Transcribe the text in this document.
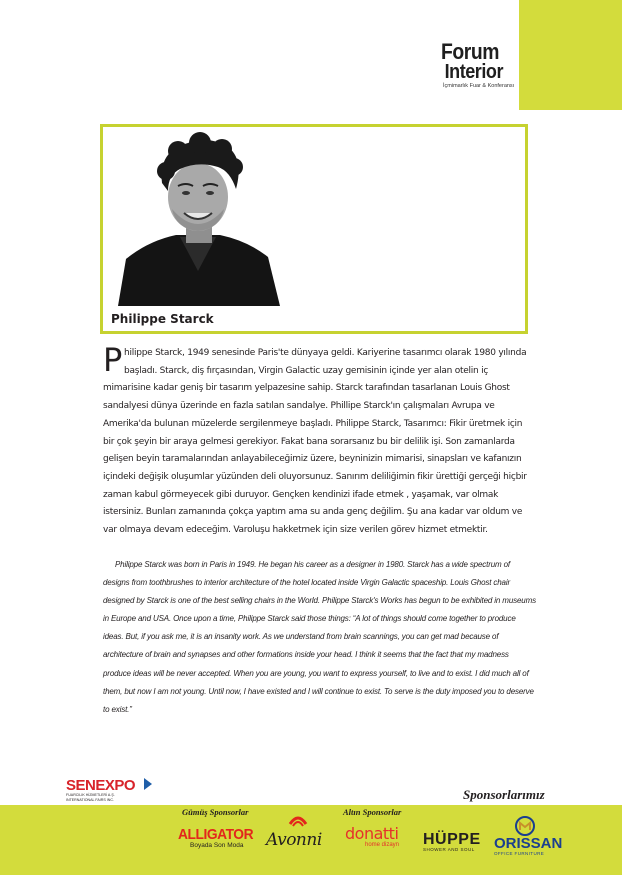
Forum
Interior
İçmimarlık Fuar & Konferansı
Philippe Starck
P hilippe Starck, 1949 senesinde Paris'te dünyaya geldi. Kariyerine tasarımcı olarak 1980 yılında başladı. Starck, diş fırçasından, Virgin Galactic uzay gemisinin içinde yer alan otelin iç mimarisine kadar geniş bir tasarım yelpazesine sahip. Starck tarafından tasarlanan Louis Ghost sandalyesi dünya üzerinde en fazla satılan sandalye. Phillipe Starck'ın çalışmaları Avrupa ve Amerika'da bulunan müzelerde sergilenmeye başladı. Philippe Starck, Tasarımcı: Fikir üretmek için bir çok şeyin bir araya gelmesi gerekiyor. Fakat bana sorarsanız bu bir delilik işi. Son zamanlarda gelişen beyin taramalarından anlayabileceğimiz üzere, beyninizin mimarisi, sinapsları ve kafanızın içindeki değişik oluşumlar yüzünden deli oluyorsunuz. Sanırım deliliğimin fikir ürettiği gerçeği hiçbir zaman kabul görmeyecek gibi duruyor. Gençken kendinizi ifade etmek , yaşamak, var olmak istersiniz. Bunları zamanında çokça yaptım ama su anda genç değilim. Şu ana kadar var oldum ve var olmaya devam edeceğim. Varoluşu hakketmek için size verilen görev hizmet etmektir.
Philippe Starck was born in Paris in 1949. He began his career as a designer in 1980. Starck has a wide spectrum of designs from toothbrushes to interior architecture of the hotel located inside Virgin Galactic spaceship. Louis Ghost chair designed by Starck is one of the best selling chairs in the World. Philippe Starck's Works has begun to be exhibited in museums in Europe and USA. Once upon a time, Philippe Starck said those things: “A lot of things should come together to produce ideas. But, if you ask me, it is an insanity work. As we understand from brain scannings, you can get mad because of architecture of brain and synapses and other formations inside your head. I think it seems that the fact that my madness produce ideas will be never accepted. When you are young, you want to express yourself, to live and to exist. I did much all of them, but now I am not young. Until now, I have existed and I will continue to exist. To serve is the duty imposed you to deserve to exist.”
SENEXPO
FUARCILIK HİZMETLERİ A.Ş.
INTERNATIONAL FAIRS INC.	Sponsorlarımız
Gümüş Sponsorlar	Altın Sponsorlar
ALLIGATOR
Boyada Son Moda	Avonni donatti
home dizayn HÜPPE
SHOWER AND SOUL	ORISSAN
OFFICE FURNITURE
